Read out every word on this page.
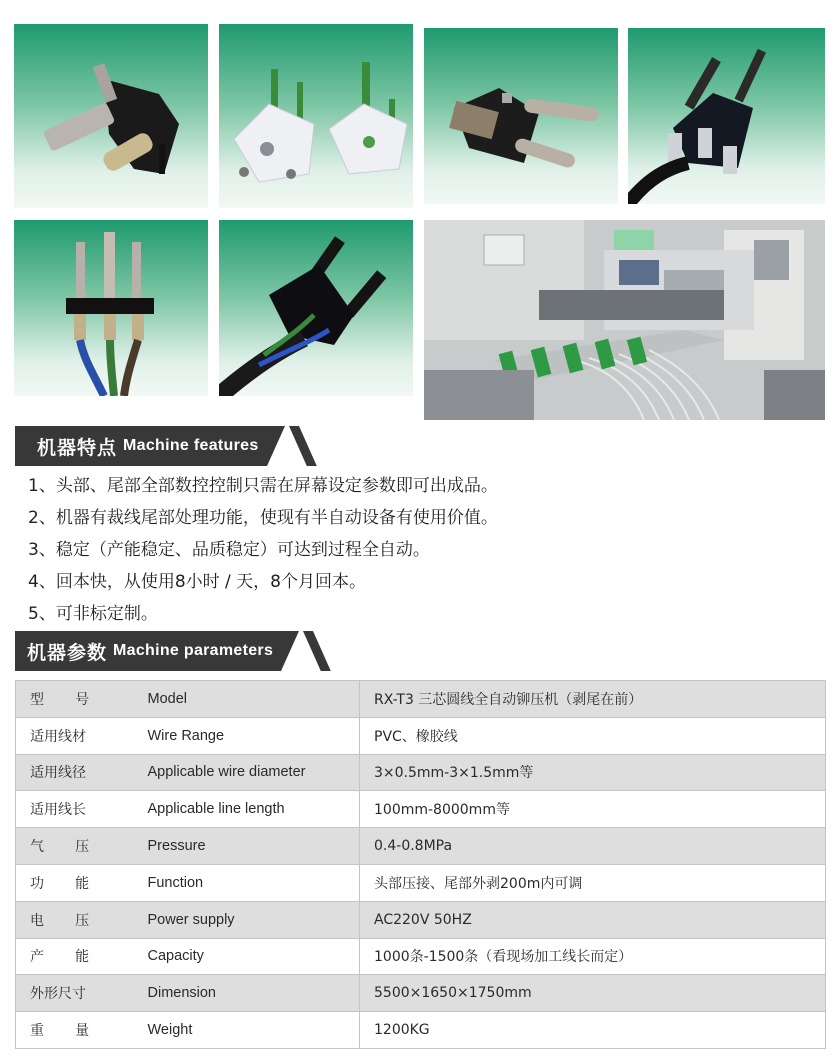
机器特点 Machine features
1、头部、尾部全部数控控制只需在屏幕设定参数即可出成品。
2、机器有裁线尾部处理功能，使现有半自动设备有使用价值。
3、稳定（产能稳定、品质稳定）可达到过程全自动。
4、回本快，从使用8小时 / 天，8个月回本。
5、可非标定制。
机器参数 Machine parameters
型       号	Model	RX-T3 三芯圆线全自动铆压机（剥尾在前）
适用线材	Wire Range	PVC、橡胶线
适用线径	Applicable wire diameter	3×0.5mm-3×1.5mm等
适用线长	Applicable line length	100mm-8000mm等
气       压	Pressure	0.4-0.8MPa
功       能	Function	头部压接、尾部外剥200m内可调
电       压	Power supply	AC220V 50HZ
产       能	Capacity	1000条-1500条（看现场加工线长而定）
外形尺寸	Dimension	5500×1650×1750mm
重       量	Weight	1200KG
